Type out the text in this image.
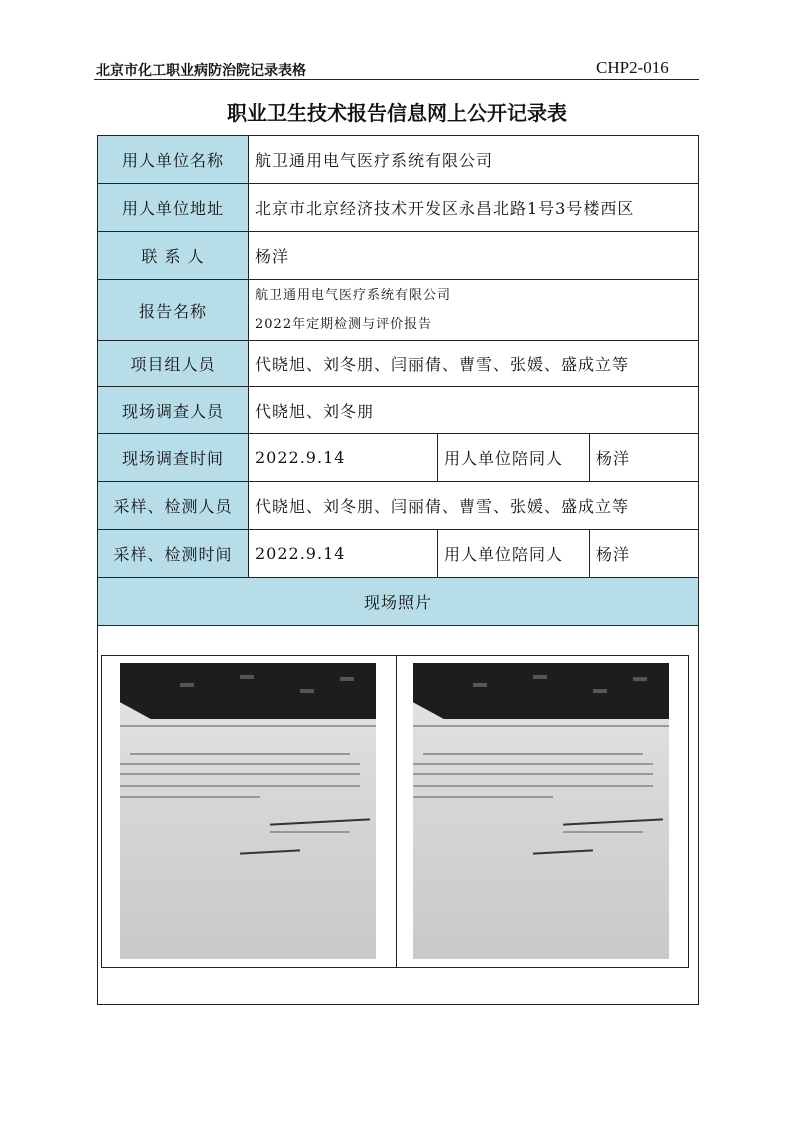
北京市化工职业病防治院记录表格	CHP2-016
职业卫生技术报告信息网上公开记录表
用人单位名称	航卫通用电气医疗系统有限公司		
用人单位地址	北京市北京经济技术开发区永昌北路1号3号楼西区		
联 系 人	杨洋		
报告名称	航卫通用电气医疗系统有限公司
2022年定期检测与评价报告		

项目组人员	代晓旭、刘冬朋、闫丽倩、曹雪、张媛、盛成立等		
现场调查人员	代晓旭、刘冬朋		
现场调查时间	2022.9.14	用人单位陪同人	杨洋
采样、检测人员	代晓旭、刘冬朋、闫丽倩、曹雪、张媛、盛成立等		
采样、检测时间	2022.9.14	用人单位陪同人	杨洋
现场照片			
